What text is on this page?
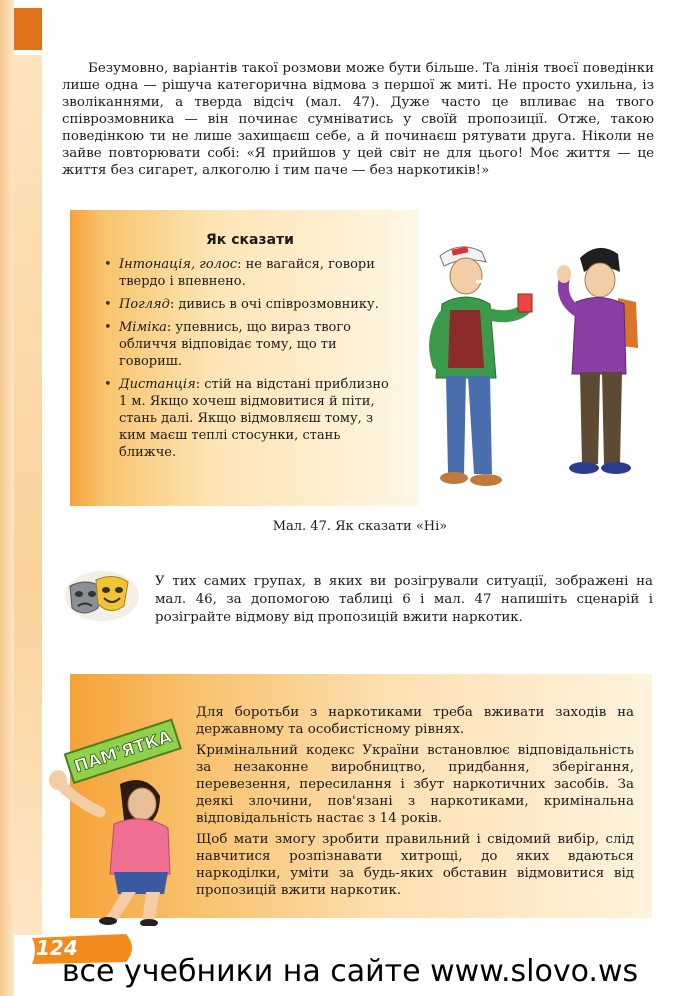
Безумовно, варіантів такої розмови може бути більше. Та лінія твоєї поведінки лише одна — рішуча категорична відмова з першої ж миті. Не просто ухильна, із зволіканнями, а тверда відсіч (мал. 47). Дуже часто це впливає на твого співрозмовника — він починає сумніватись у своїй пропозиції. Отже, такою поведінкою ти не лише захищаєш себе, а й починаєш рятувати друга. Ніколи не зайве повторювати собі: «Я прийшов у цей світ не для цього! Моє життя — це життя без сигарет, алкоголю і тим паче — без наркотиків!»

Як сказати
• Інтонація, голос: не вагайся, говори твердо і впевнено.
• Погляд: дивись в очі співрозмовнику.
• Міміка: упевнись, що вираз твого обличчя відповідає тому, що ти говориш.
• Дистанція: стій на відстані приблизно 1 м. Якщо хочеш відмовитися й піти, стань далі. Якщо відмовляєш тому, з ким маєш теплі стосунки, стань ближче.

Мал. 47. Як сказати «Ні»

У тих самих групах, в яких ви розігрували ситуації, зображені на мал. 46, за допомогою таблиці 6 і мал. 47 напишіть сценарій і розіграйте відмову від пропозицій вжити наркотик.

ПАМ'ЯТКА

Для боротьби з наркотиками треба вживати заходів на державному та особистісному рівнях.

Кримінальний кодекс України встановлює відповідальність за незаконне виробництво, придбання, зберігання, перевезення, пересилання і збут наркотичних засобів. За деякі злочини, пов'язані з наркотиками, кримінальна відповідальність настає з 14 років.

Щоб мати змогу зробити правильний і свідомий вибір, слід навчитися розпізнавати хитрощі, до яких вдаються наркоділки, уміти за будь-яких обставин відмовитися від пропозицій вжити наркотик.

124
все учебники на сайте www.slovo.ws
